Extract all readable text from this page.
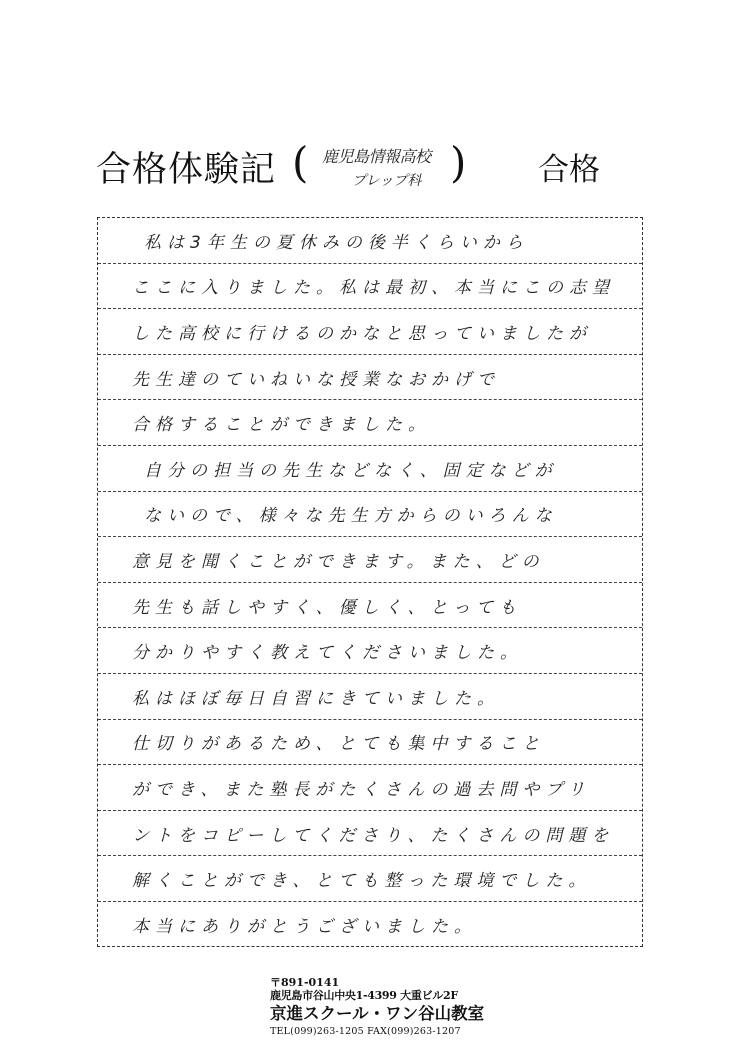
合格体験記 ( 鹿児島情報高校
プレップ科 ) 合格
私は3年生の夏休みの後半くらいから
ここに入りました。私は最初、本当にこの志望
した高校に行けるのかなと思っていましたが
先生達のていねいな授業なおかげで
合格することができました。
自分の担当の先生などなく、固定などが
ないので、様々な先生方からのいろんな
意見を聞くことができます。また、どの
先生も話しやすく、優しく、とっても
分かりやすく教えてくださいました。
私はほぼ毎日自習にきていました。
仕切りがあるため、とても集中すること
ができ、また塾長がたくさんの過去問やプリ
ントをコピーしてくださり、たくさんの問題を
解くことができ、とても整った環境でした。
本当にありがとうございました。
〒891-0141
鹿児島市谷山中央1-4399 大重ビル2F
京進スクール・ワン谷山教室
TEL(099)263-1205 FAX(099)263-1207
